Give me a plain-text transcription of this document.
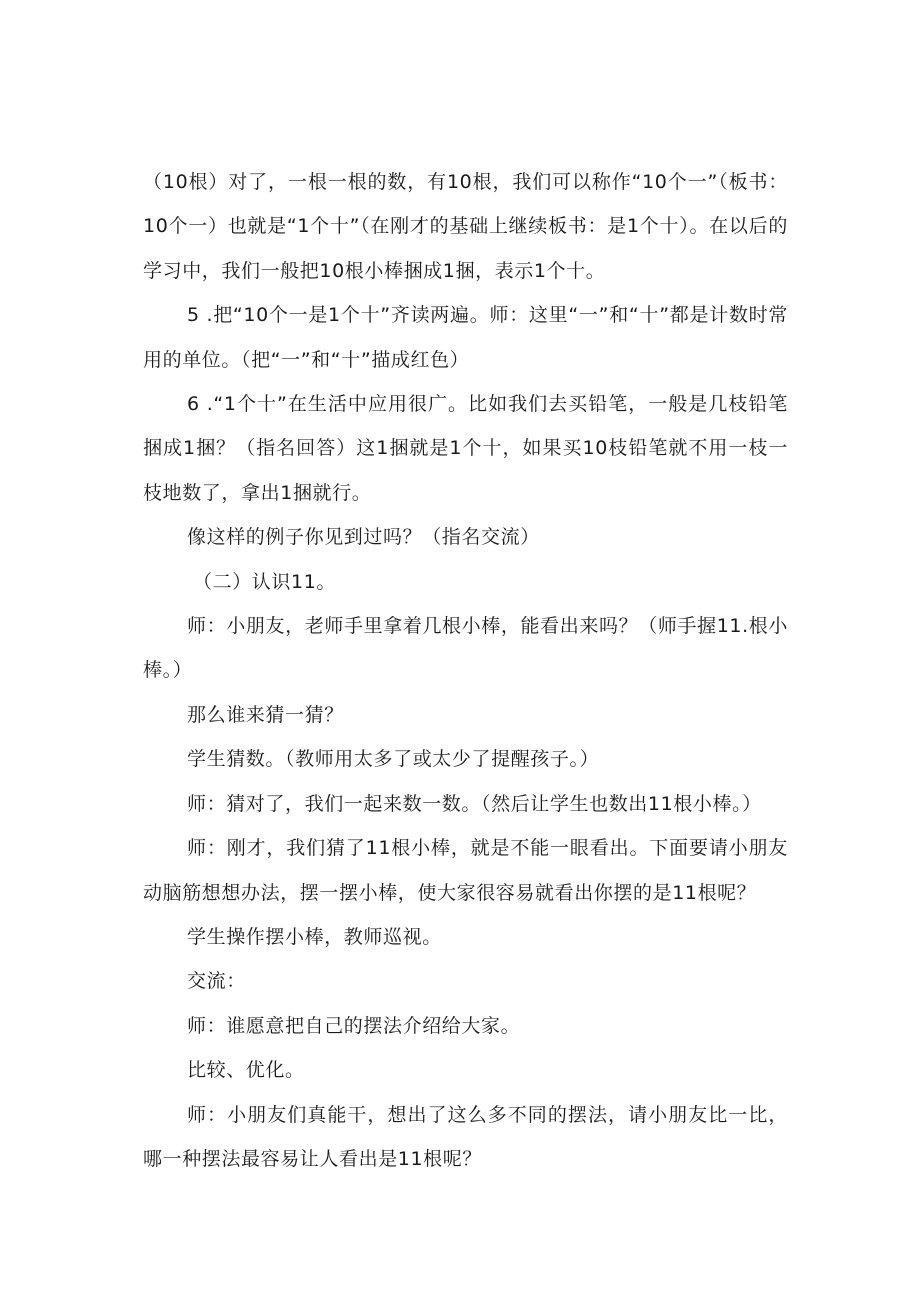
（10根）对了，一根一根的数，有10根，我们可以称作“10个一”（板书：10个一）也就是“1个十”（在刚才的基础上继续板书：是1个十）。在以后的学习中，我们一般把10根小棒捆成1捆，表示1个十。

5 .把“10个一是1个十”齐读两遍。师：这里“一”和“十”都是计数时常用的单位。（把“一”和“十”描成红色）

6 .“1个十”在生活中应用很广。比如我们去买铅笔，一般是几枝铅笔捆成1捆？（指名回答）这1捆就是1个十，如果买10枝铅笔就不用一枝一枝地数了，拿出1捆就行。

像这样的例子你见到过吗？（指名交流）

（二）认识11。

师：小朋友，老师手里拿着几根小棒，能看出来吗？（师手握11.根小棒。）

那么谁来猜一猜？

学生猜数。（教师用太多了或太少了提醒孩子。）

师：猜对了，我们一起来数一数。（然后让学生也数出11根小棒。）

师：刚才，我们猜了11根小棒，就是不能一眼看出。下面要请小朋友动脑筋想想办法，摆一摆小棒，使大家很容易就看出你摆的是11根呢？

学生操作摆小棒，教师巡视。

交流：

师：谁愿意把自己的摆法介绍给大家。

比较、优化。

师：小朋友们真能干，想出了这么多不同的摆法，请小朋友比一比，哪一种摆法最容易让人看出是11根呢？
